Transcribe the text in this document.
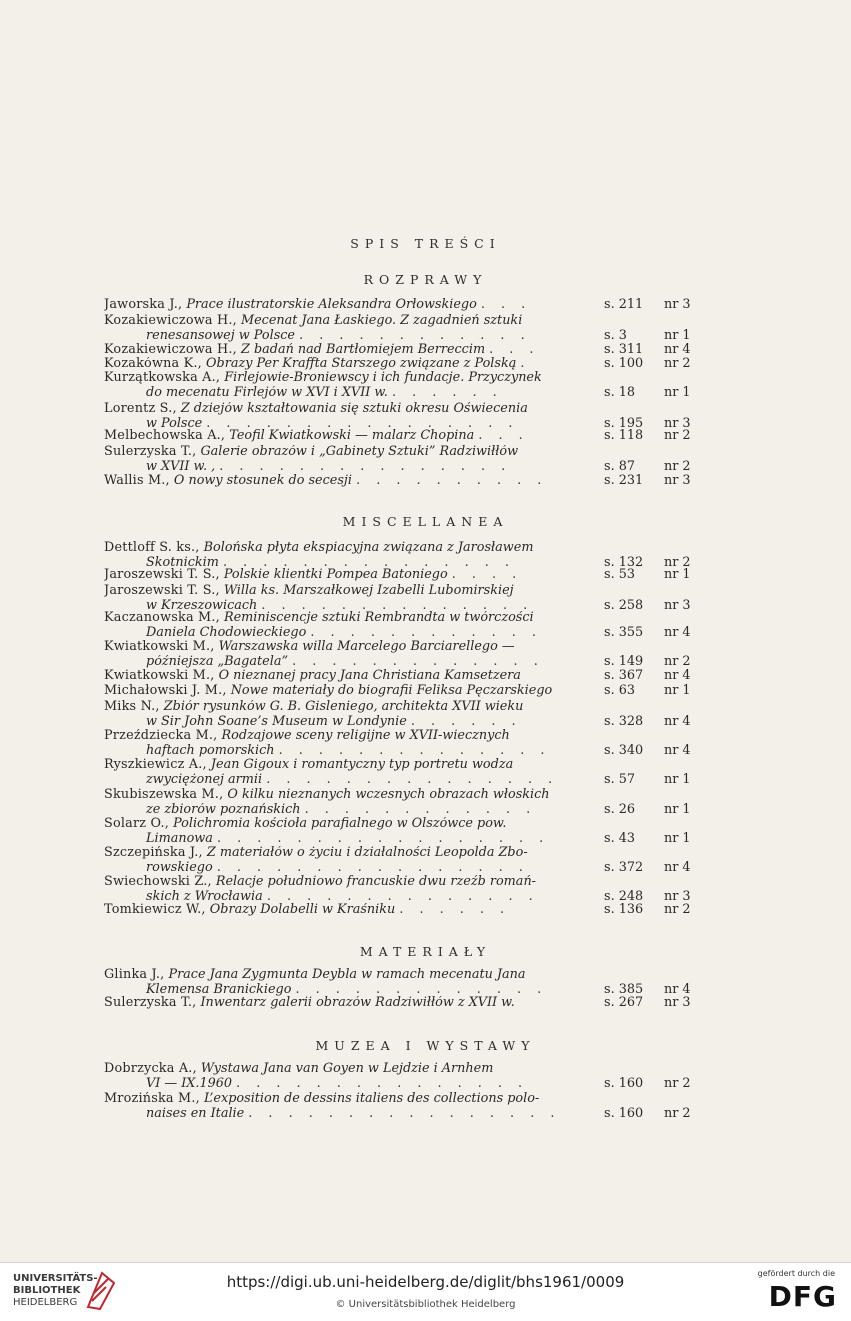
SPIS TREŚCI
ROZPRAWY
Jaworska J., Prace ilustratorskie Aleksandra Orłowskiego . . .	s. 211	nr 3
Kozakiewiczowa H., Mecenat Jana Łaskiego. Z zagadnień sztuki
renesansowej w Polsce . . . . . . . . . . . .	s. 3	nr 1
Kozakiewiczowa H., Z badań nad Bartłomiejem Berreccim . . .	s. 311	nr 4
Kozakówna K., Obrazy Per Kraffta Starszego związane z Polską .	s. 100	nr 2
Kurzątkowska A., Firlejowie-Broniewscy i ich fundacje. Przyczynek
do mecenatu Firlejów w XVI i XVII w. . . . . . .	s. 18	nr 1
Lorentz S., Z dziejów kształtowania się sztuki okresu Oświecenia
w Polsce . . . . . . . . . . . . . . . .	s. 195	nr 3
Melbechowska A., Teofil Kwiatkowski — malarz Chopina . . .	s. 118	nr 2
Sulerzyska T., Galerie obrazów i „Gabinety Sztuki” Radziwiłłów
w XVII w. , . . . . . . . . . . . . . . .	s. 87	nr 2
Wallis M., O nowy stosunek do secesji . . . . . . . . . .	s. 231	nr 3
MISCELLANEA
Dettloff S. ks., Bolońska płyta ekspiacyjna związana z Jarosławem
Skotnickim . . . . . . . . . . . . . . .	s. 132	nr 2
Jaroszewski T. S., Polskie klientki Pompea Batoniego . . . .	s. 53	nr 1
Jaroszewski T. S., Willa ks. Marszałkowej Izabelli Lubomirskiej
w Krzeszowicach . . . . . . . . . . . . . .	s. 258	nr 3
Kaczanowska M., Reminiscencje sztuki Rembrandta w twórczości
Daniela Chodowieckiego . . . . . . . . . . . .	s. 355	nr 4
Kwiatkowski M., Warszawska willa Marcelego Barciarellego —
późniejsza „Bagatela” . . . . . . . . . . . . .	s. 149	nr 2
Kwiatkowski M., O nieznanej pracy Jana Christiana Kamsetzera	s. 367	nr 4
Michałowski J. M., Nowe materiały do biografii Feliksa Pęczarskiego	s. 63	nr 1
Miks N., Zbiór rysunków G. B. Gisleniego, architekta XVII wieku
w Sir John Soane’s Museum w Londynie . . . . . .	s. 328	nr 4
Przeździecka M., Rodzajowe sceny religijne w XVII-wiecznych
haftach pomorskich . . . . . . . . . . . . . .	s. 340	nr 4
Ryszkiewicz A., Jean Gigoux i romantyczny typ portretu wodza
zwyciężonej armii . . . . . . . . . . . . . . .	s. 57	nr 1
Skubiszewska M., O kilku nieznanych wczesnych obrazach włoskich
ze zbiorów poznańskich . . . . . . . . . . . .	s. 26	nr 1
Solarz O., Polichromia kościoła parafialnego w Olszówce pow.
Limanowa . . . . . . . . . . . . . . . . .	s. 43	nr 1
Szczepińska J., Z materiałów o życiu i działalności Leopolda Zbo-
rowskiego . . . . . . . . . . . . . . . .	s. 372	nr 4
Świechowski Z., Relacje południowo francuskie dwu rzeźb romań-
skich z Wrocławia . . . . . . . . . . . . . .	s. 248	nr 3
Tomkiewicz W., Obrazy Dolabelli w Kraśniku . . . . . .	s. 136	nr 2
MATERIAŁY
Glinka J., Prace Jana Zygmunta Deybla w ramach mecenatu Jana
Klemensa Branickiego . . . . . . . . . . . . .	s. 385	nr 4
Sulerzyska T., Inwentarz galerii obrazów Radziwiłłów z XVII w.	s. 267	nr 3
MUZEA I WYSTAWY
Dobrzycka A., Wystawa Jana van Goyen w Lejdzie i Arnhem
VI — IX.1960 . . . . . . . . . . . . . . .	s. 160	nr 2
Mrozińska M., L’exposition de dessins italiens des collections polo-
naises en Italie . . . . . . . . . . . . . . . .	s. 160	nr 2
UNIVERSITÄTS-
BIBLIOTHEK
HEIDELBERG
https://digi.ub.uni-heidelberg.de/diglit/bhs1961/0009
© Universitätsbibliothek Heidelberg
gefördert durch die
DFG
